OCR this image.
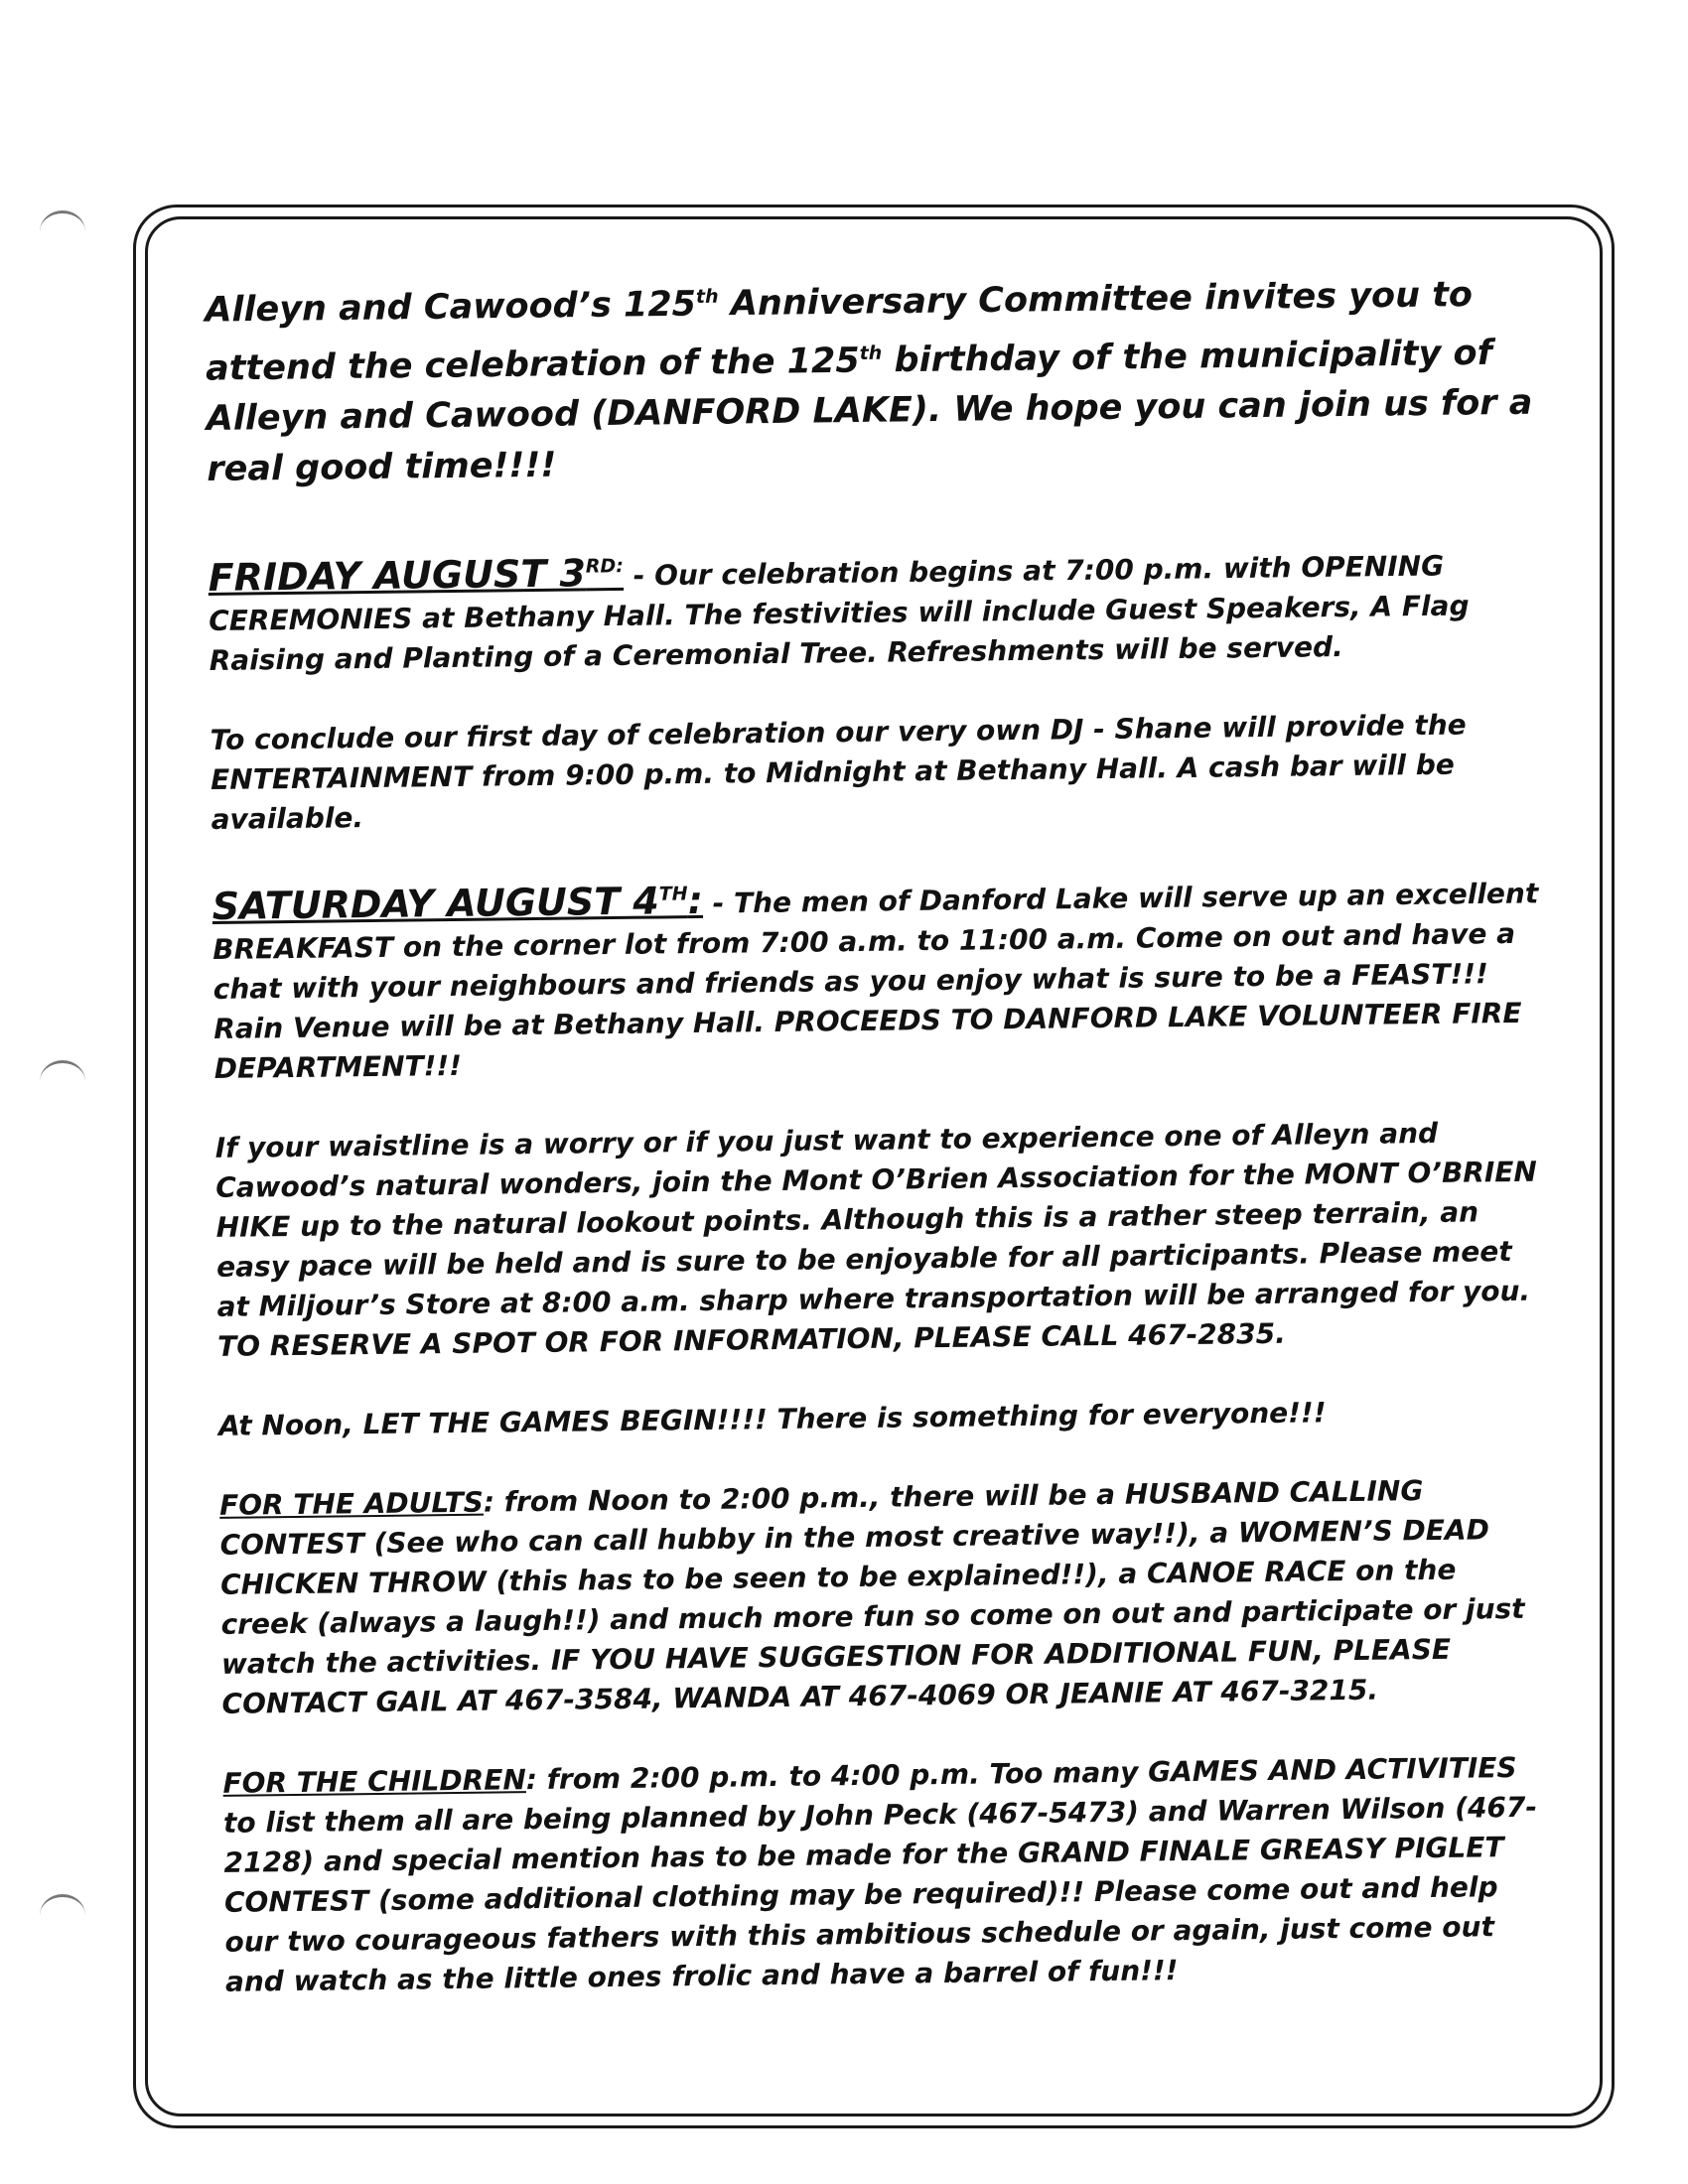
Alleyn and Cawood’s 125th Anniversary Committee invites you to attend the celebration of the 125th birthday of the municipality of Alleyn and Cawood (DANFORD LAKE). We hope you can join us for a real good time!!!!

FRIDAY AUGUST $3^{RD:}$ - Our celebration begins at 7:00 p.m. with OPENING CEREMONIES at Bethany Hall. The festivities will include Guest Speakers, A Flag Raising and Planting of a Ceremonial Tree. Refreshments will be served.

To conclude our first day of celebration our very own DJ - Shane will provide the ENTERTAINMENT from 9:00 p.m. to Midnight at Bethany Hall. A cash bar will be available.

SATURDAY AUGUST 4TH: - The men of Danford Lake will serve up an excellent BREAKFAST on the corner lot from 7:00 a.m. to 11:00 a.m. Come on out and have a chat with your neighbours and friends as you enjoy what is sure to be a FEAST!!! Rain Venue will be at Bethany Hall. PROCEEDS TO DANFORD LAKE VOLUNTEER FIRE DEPARTMENT!!!

If your waistline is a worry or if you just want to experience one of Alleyn and Cawood’s natural wonders, join the Mont O’Brien Association for the MONT O’BRIEN HIKE up to the natural lookout points. Although this is a rather steep terrain, an easy pace will be held and is sure to be enjoyable for all participants. Please meet at Miljour’s Store at 8:00 a.m. sharp where transportation will be arranged for you. TO RESERVE A SPOT OR FOR INFORMATION, PLEASE CALL 467-2835.

At Noon, LET THE GAMES BEGIN!!!! There is something for everyone!!!

FOR THE ADULTS: from Noon to 2:00 p.m., there will be a HUSBAND CALLING CONTEST (See who can call hubby in the most creative way!!), a WOMEN’S DEAD CHICKEN THROW (this has to be seen to be explained!!), a CANOE RACE on the creek (always a laugh!!) and much more fun so come on out and participate or just watch the activities. IF YOU HAVE SUGGESTION FOR ADDITIONAL FUN, PLEASE CONTACT GAIL AT 467-3584, WANDA AT 467-4069 OR JEANIE AT 467-3215.

FOR THE CHILDREN: from 2:00 p.m. to 4:00 p.m. Too many GAMES AND ACTIVITIES to list them all are being planned by John Peck (467-5473) and Warren Wilson (467-2128) and special mention has to be made for the GRAND FINALE GREASY PIGLET CONTEST (some additional clothing may be required)!! Please come out and help our two courageous fathers with this ambitious schedule or again, just come out and watch as the little ones frolic and have a barrel of fun!!!
